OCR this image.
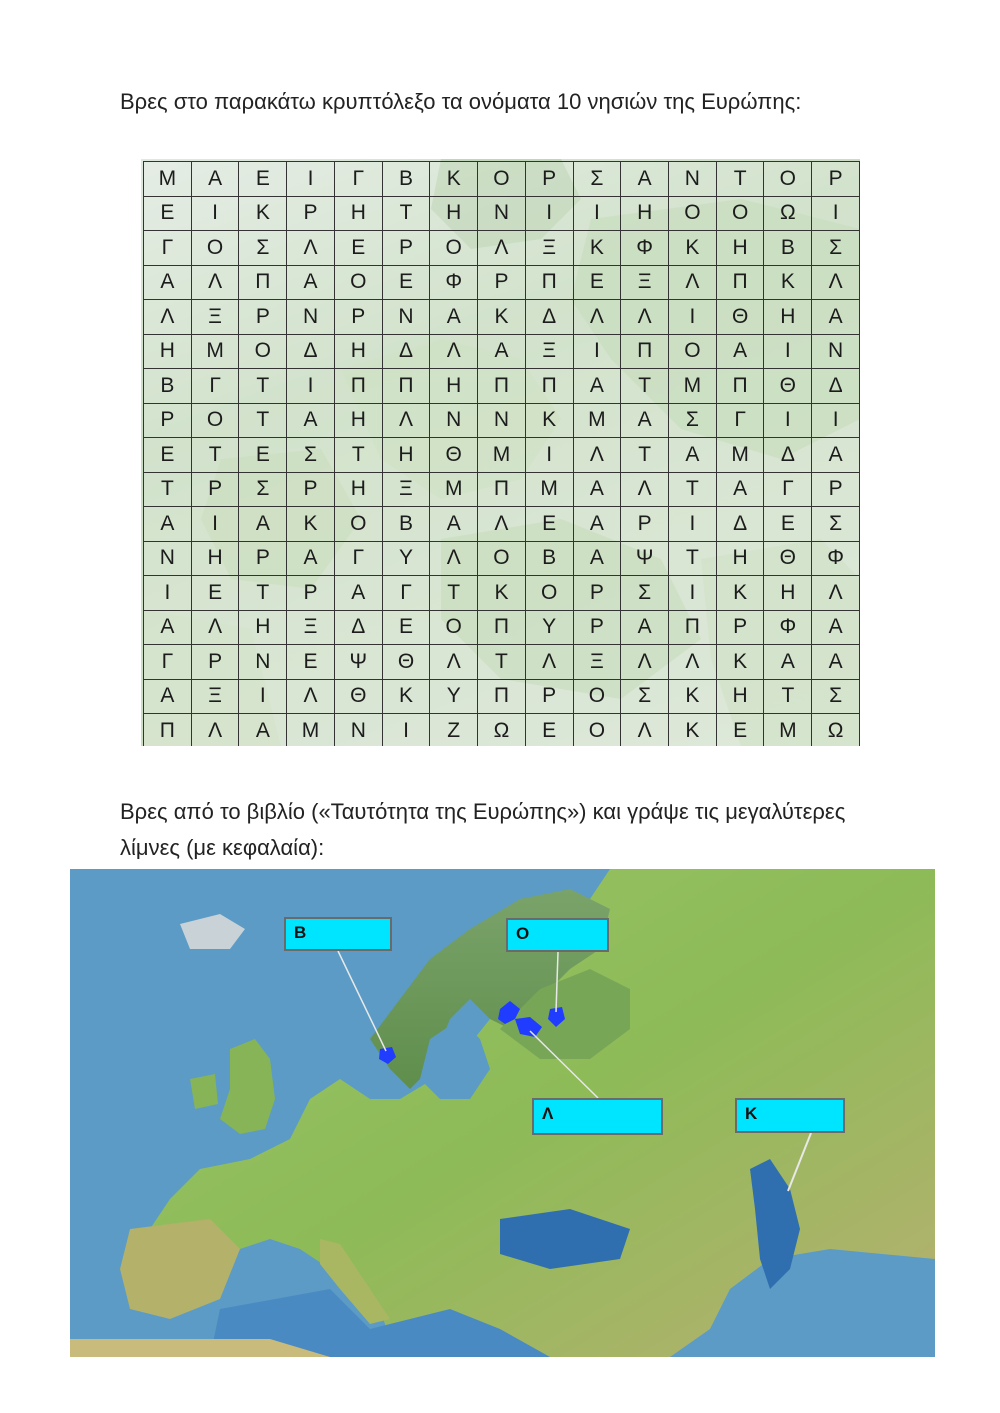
Βρες στο παρακάτω κρυπτόλεξο τα ονόματα 10 νησιών της Ευρώπης:

Μ	Α	Ε	Ι	Γ	Β	Κ	Ο	Ρ	Σ	Α	Ν	Τ	Ο	Ρ
Ε	Ι	Κ	Ρ	Η	Τ	Η	Ν	Ι	Ι	Η	Ο	Ο	Ω	Ι
Γ	Ο	Σ	Λ	Ε	Ρ	Ο	Λ	Ξ	Κ	Φ	Κ	Η	Β	Σ
Α	Λ	Π	Α	Ο	Ε	Φ	Ρ	Π	Ε	Ξ	Λ	Π	Κ	Λ
Λ	Ξ	Ρ	Ν	Ρ	Ν	Α	Κ	Δ	Λ	Λ	Ι	Θ	Η	Α
Η	Μ	Ο	Δ	Η	Δ	Λ	Α	Ξ	Ι	Π	Ο	Α	Ι	Ν
Β	Γ	Τ	Ι	Π	Π	Η	Π	Π	Α	Τ	Μ	Π	Θ	Δ
Ρ	Ο	Τ	Α	Η	Λ	Ν	Ν	Κ	Μ	Α	Σ	Γ	Ι	Ι
Ε	Τ	Ε	Σ	Τ	Η	Θ	Μ	Ι	Λ	Τ	Α	Μ	Δ	Α
Τ	Ρ	Σ	Ρ	Η	Ξ	Μ	Π	Μ	Α	Λ	Τ	Α	Γ	Ρ
Α	Ι	Α	Κ	Ο	Β	Α	Λ	Ε	Α	Ρ	Ι	Δ	Ε	Σ
Ν	Η	Ρ	Α	Γ	Υ	Λ	Ο	Β	Α	Ψ	Τ	Η	Θ	Φ
Ι	Ε	Τ	Ρ	Α	Γ	Τ	Κ	Ο	Ρ	Σ	Ι	Κ	Η	Λ
Α	Λ	Η	Ξ	Δ	Ε	Ο	Π	Υ	Ρ	Α	Π	Ρ	Φ	Α
Γ	Ρ	Ν	Ε	Ψ	Θ	Λ	Τ	Λ	Ξ	Λ	Λ	Κ	Α	Α
Α	Ξ	Ι	Λ	Θ	Κ	Υ	Π	Ρ	Ο	Σ	Κ	Η	Τ	Σ
Π	Λ	Α	Μ	Ν	Ι	Ζ	Ω	Ε	Ο	Λ	Κ	Ε	Μ	Ω

Βρες από το βιβλίο («Ταυτότητα της Ευρώπης») και γράψε τις μεγαλύτερες λίμνες (με κεφαλαία):

Β	Ο
Λ	Κ
